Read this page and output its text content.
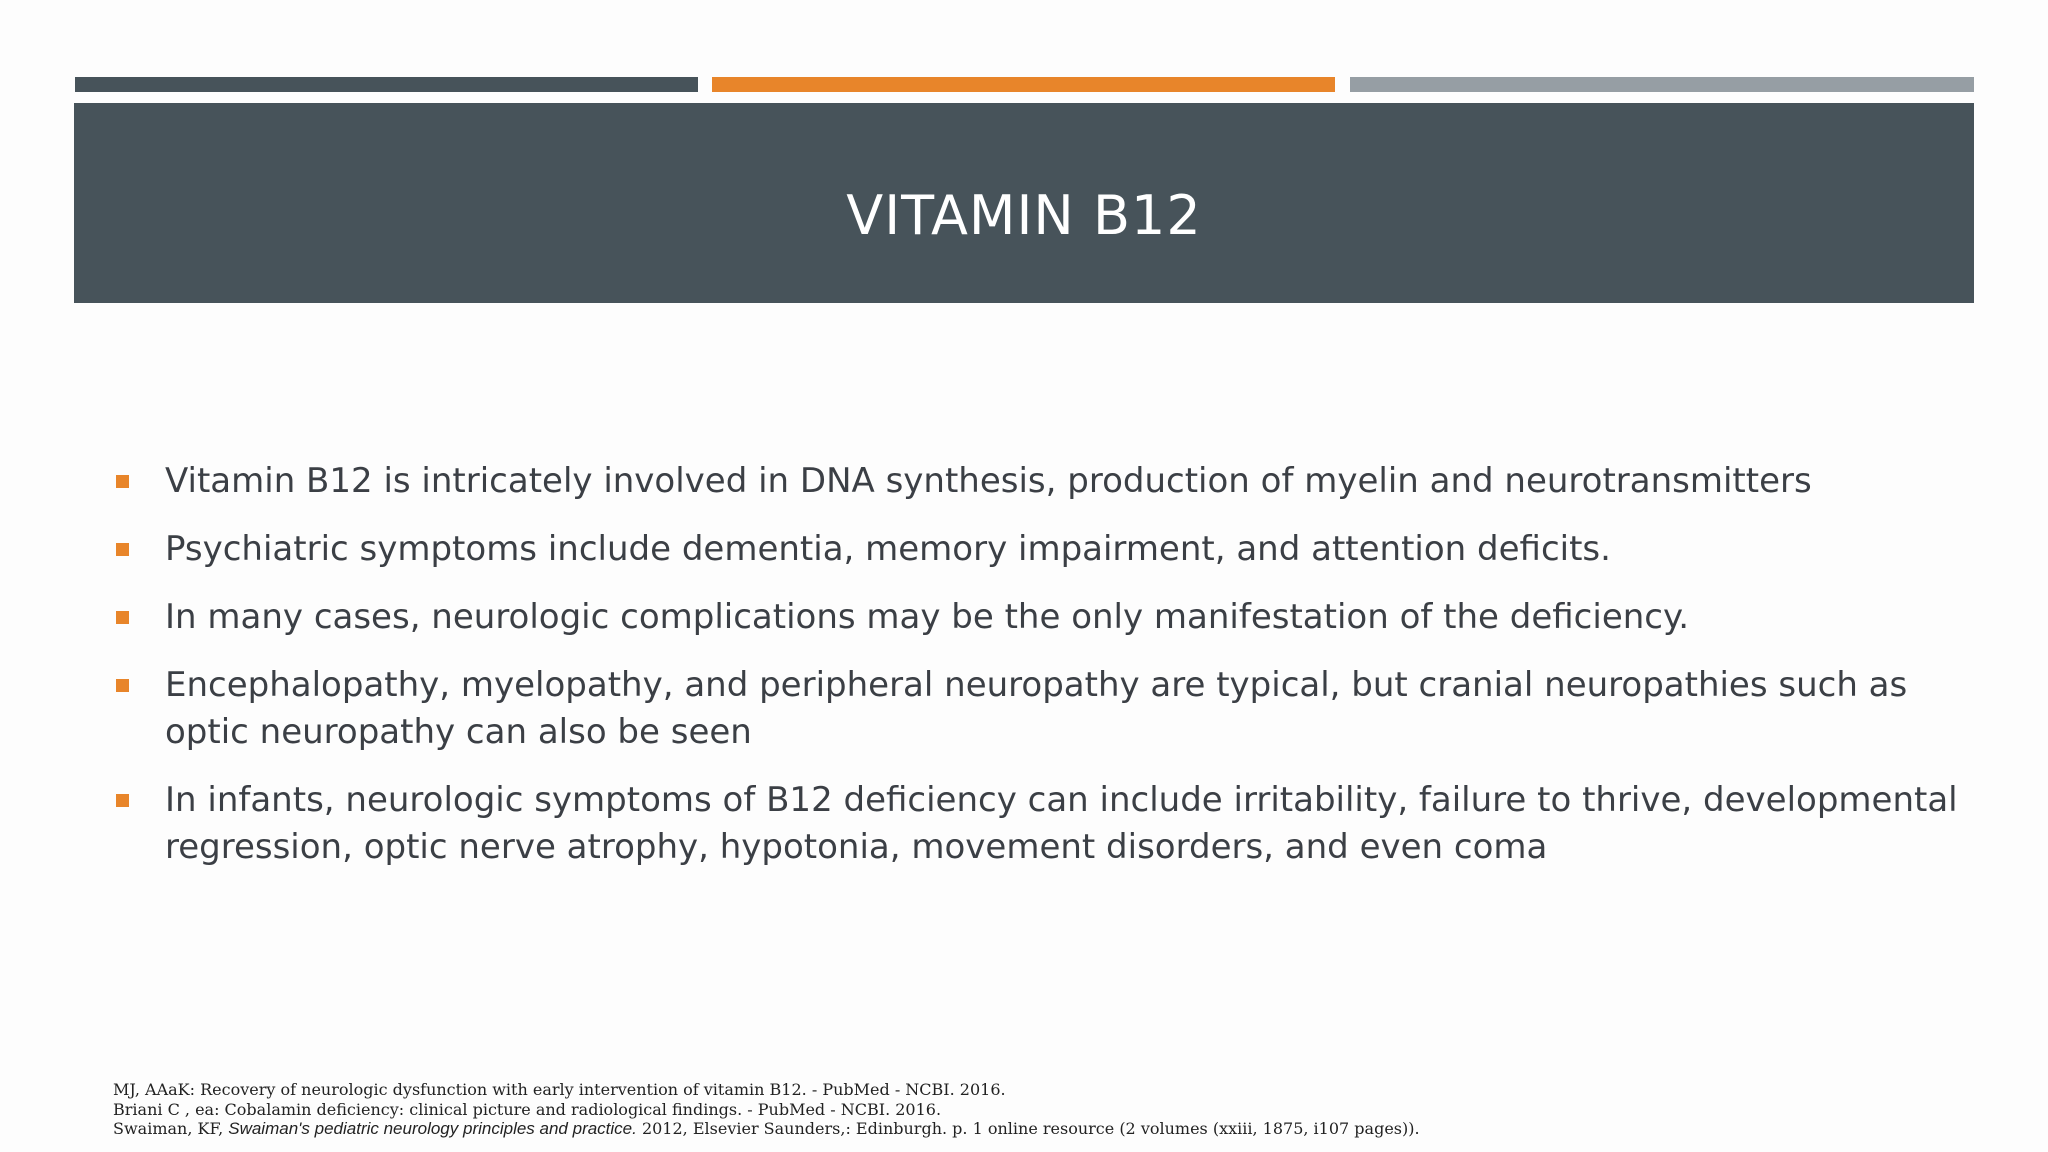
VITAMIN B12
Vitamin B12 is intricately involved in DNA synthesis, production of myelin and neurotransmitters
Psychiatric symptoms include dementia, memory impairment, and attention deficits.
In many cases, neurologic complications may be the only manifestation of the deficiency.
Encephalopathy, myelopathy, and peripheral neuropathy are typical, but cranial neuropathies such as optic neuropathy can also be seen
In infants, neurologic symptoms of B12 deficiency can include irritability, failure to thrive, developmental regression, optic nerve atrophy, hypotonia, movement disorders, and even coma
MJ, AAaK: Recovery of neurologic dysfunction with early intervention of vitamin B12. - PubMed - NCBI. 2016.
Briani C , ea: Cobalamin deficiency: clinical picture and radiological findings. - PubMed - NCBI. 2016.
Swaiman, KF, Swaiman's pediatric neurology principles and practice. 2012, Elsevier Saunders,: Edinburgh. p. 1 online resource (2 volumes (xxiii, 1875, i107 pages)).
